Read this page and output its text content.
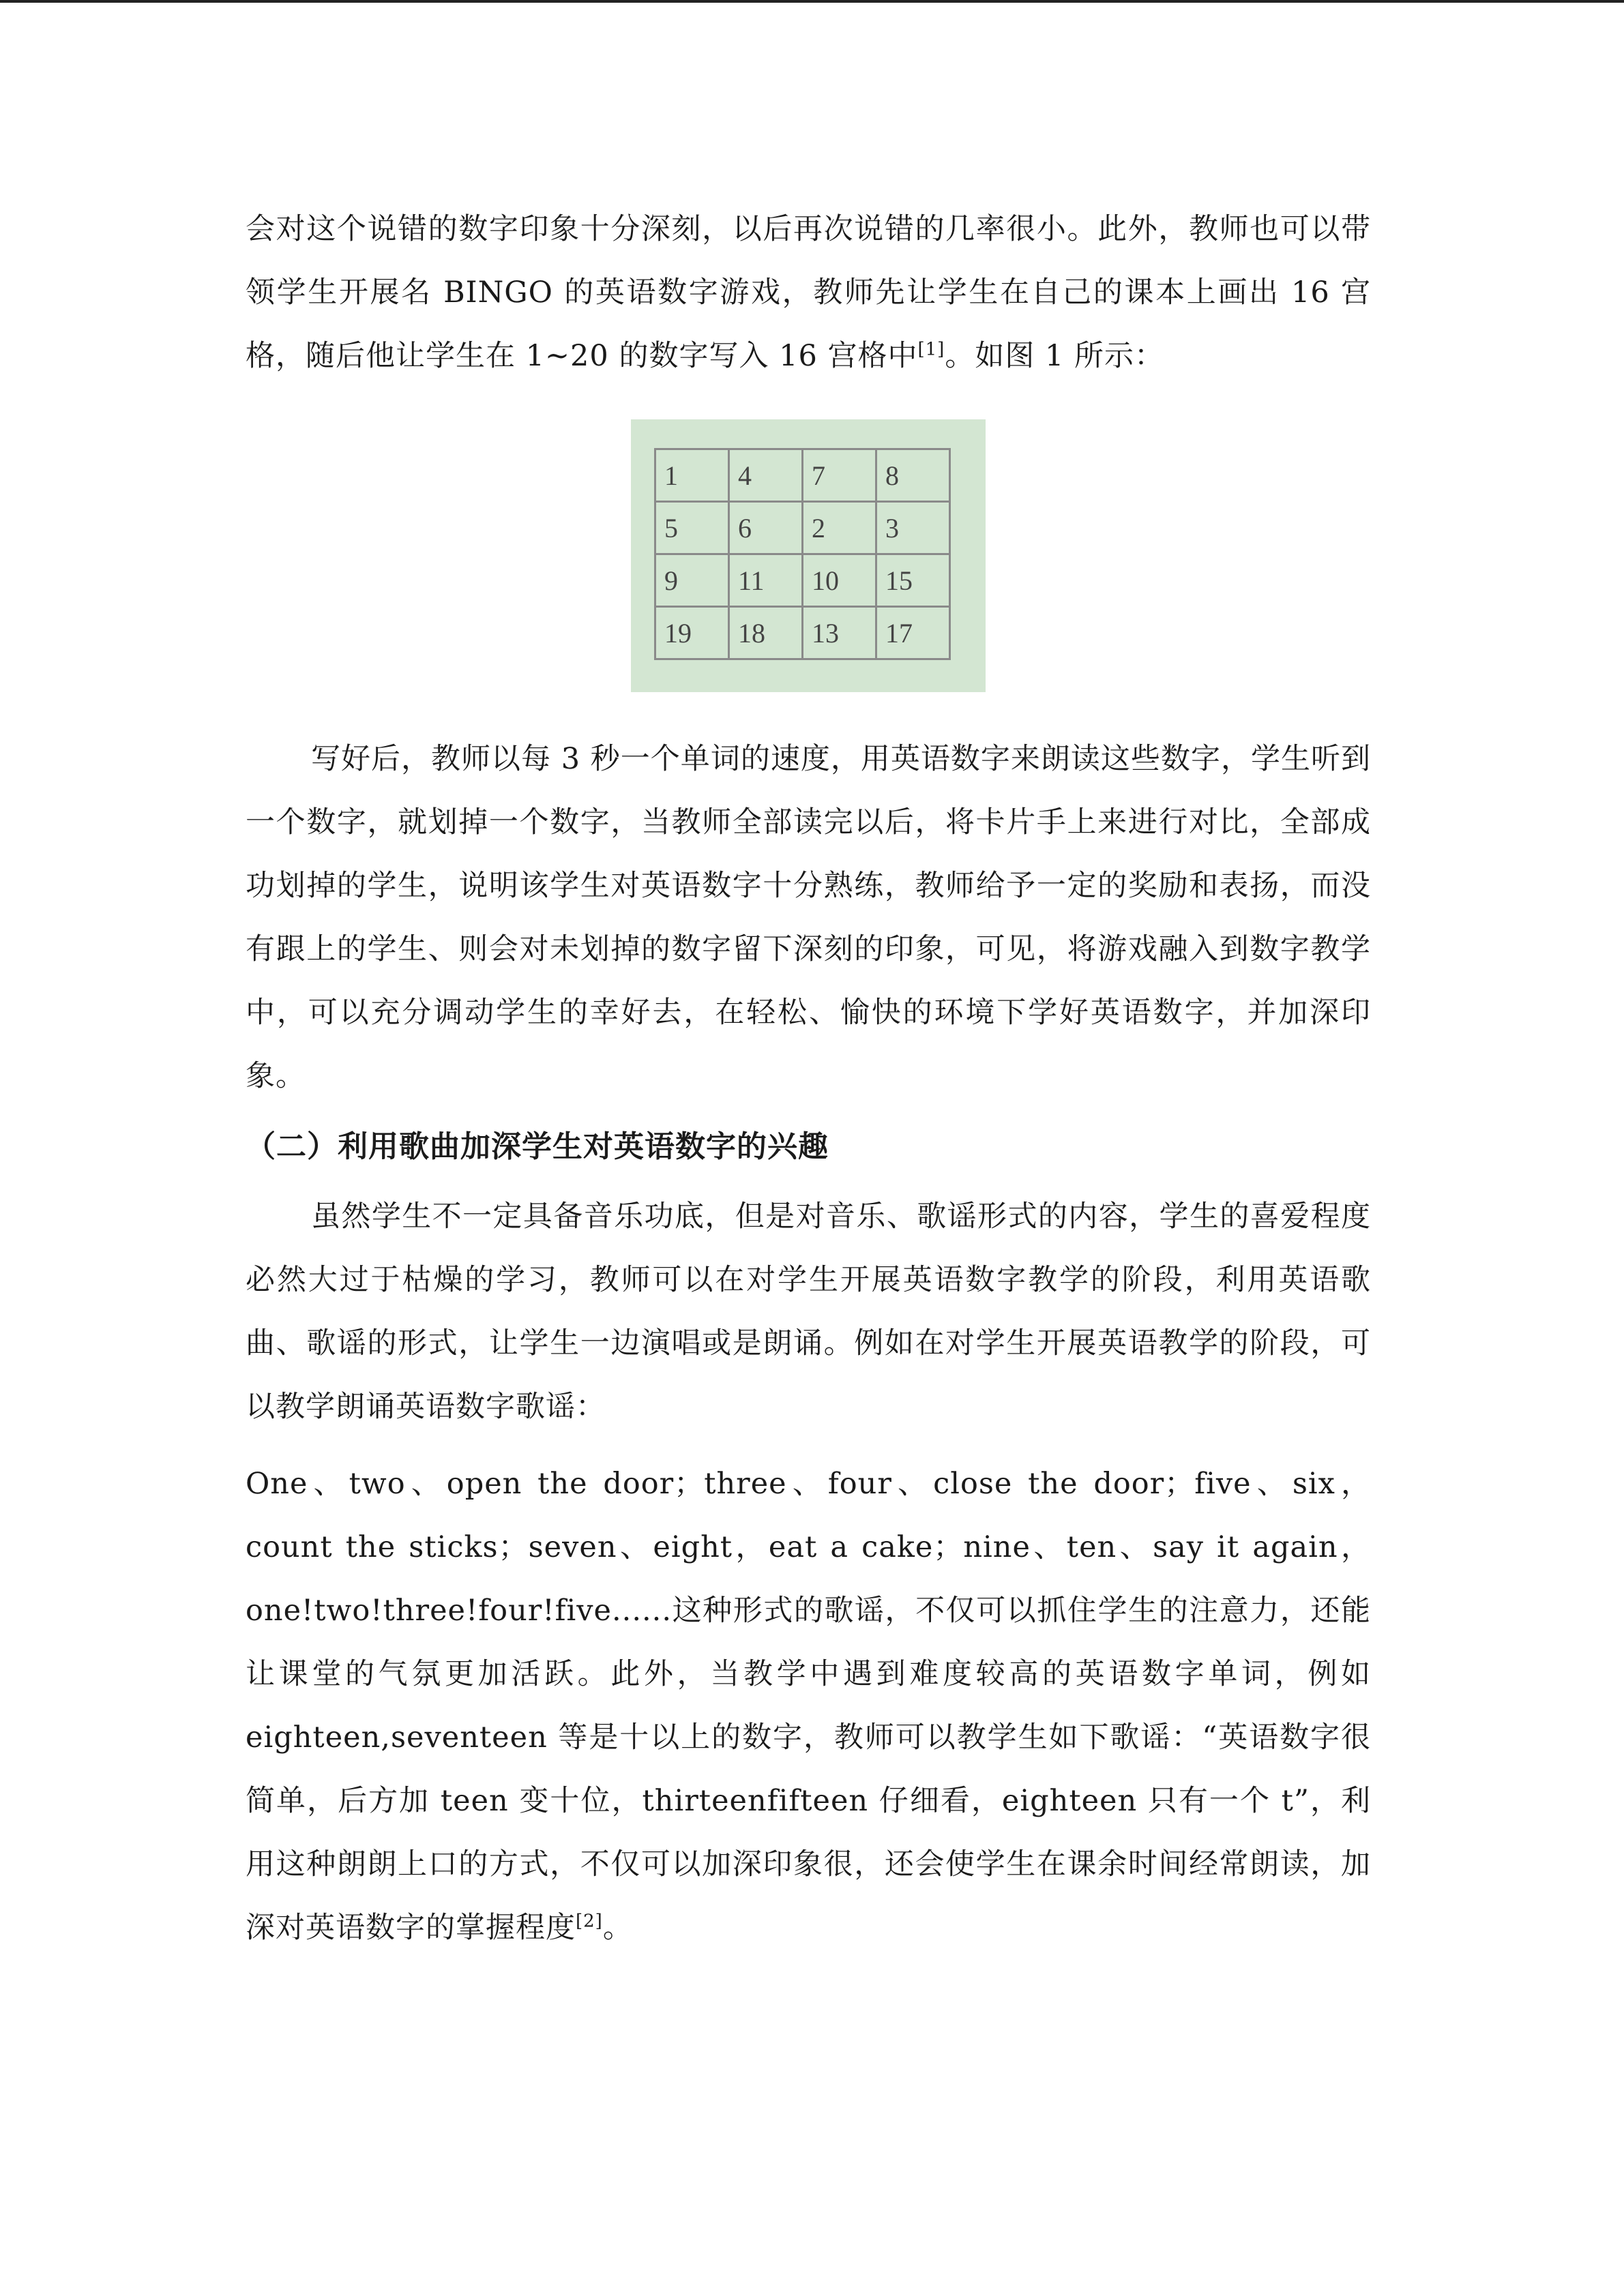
会对这个说错的数字印象十分深刻，以后再次说错的几率很小。此外，教师也可以带领学生开展名 BINGO 的英语数字游戏，教师先让学生在自己的课本上画出 16 宫格，随后他让学生在 1~20 的数字写入 16 宫格中[1]。如图 1 所示：

1	4	7	8
5	6	2	3
9	11	10	15
19	18	13	17

写好后，教师以每 3 秒一个单词的速度，用英语数字来朗读这些数字，学生听到一个数字，就划掉一个数字，当教师全部读完以后，将卡片手上来进行对比，全部成功划掉的学生，说明该学生对英语数字十分熟练，教师给予一定的奖励和表扬，而没有跟上的学生、则会对未划掉的数字留下深刻的印象，可见，将游戏融入到数字教学中，可以充分调动学生的幸好去，在轻松、愉快的环境下学好英语数字，并加深印象。

（二）利用歌曲加深学生对英语数字的兴趣

虽然学生不一定具备音乐功底，但是对音乐、歌谣形式的内容，学生的喜爱程度必然大过于枯燥的学习，教师可以在对学生开展英语数字教学的阶段，利用英语歌曲、歌谣的形式，让学生一边演唱或是朗诵。例如在对学生开展英语教学的阶段，可以教学朗诵英语数字歌谣：

One、two、open the door；three、four、close the door；five、six，count the sticks；seven、eight，eat a cake；nine、ten、say it again，one!two!three!four!five......这种形式的歌谣，不仅可以抓住学生的注意力，还能让课堂的气氛更加活跃。此外，当教学中遇到难度较高的英语数字单词，例如 eighteen,seventeen 等是十以上的数字，教师可以教学生如下歌谣：“英语数字很简单，后方加 teen 变十位，thirteenfifteen 仔细看，eighteen 只有一个 t”，利用这种朗朗上口的方式，不仅可以加深印象很，还会使学生在课余时间经常朗读，加深对英语数字的掌握程度[2]。
